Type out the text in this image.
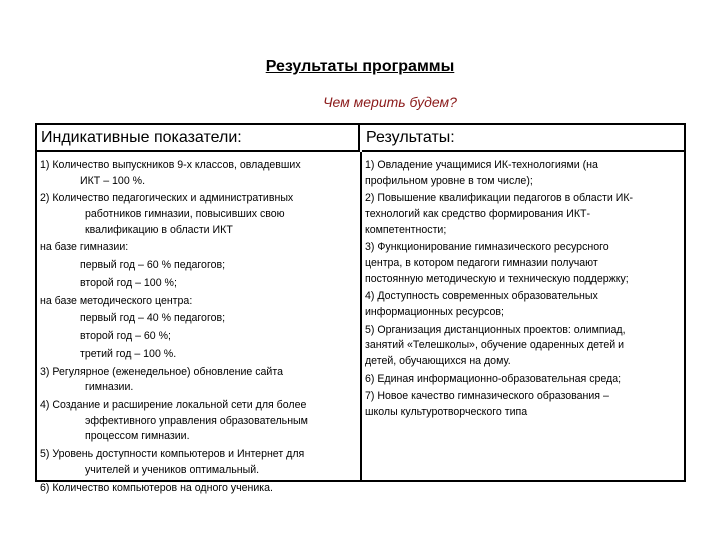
Результаты программы
Чем мерить будем?
Индикативные показатели:	Результаты:
1) Количество выпускников 9-х классов, овладевших
ИКТ – 100 %.
2) Количество педагогических и административных
работников гимназии, повысивших свою
квалификацию в области ИКТ
на базе гимназии:
первый год – 60 % педагогов;
второй год – 100 %;
на базе методического центра:
первый год – 40 % педагогов;
второй год – 60 %;
третий год – 100 %.
3) Регулярное (еженедельное) обновление сайта
гимназии.
4) Создание и расширение локальной сети для более
эффективного управления образовательным
процессом гимназии.
5) Уровень доступности компьютеров и Интернет для
учителей и учеников оптимальный.
6) Количество компьютеров на одного ученика.
1) Овладение учащимися ИК-технологиями (на
профильном уровне в том числе);
2) Повышение квалификации педагогов в области ИК-
технологий как средство формирования ИКТ-
компетентности;
3) Функционирование гимназического ресурсного
центра, в котором педагоги гимназии получают
постоянную методическую и техническую поддержку;
4) Доступность современных образовательных
информационных ресурсов;
5) Организация дистанционных проектов: олимпиад,
занятий «Телешколы», обучение одаренных детей и
детей, обучающихся на дому.
6) Единая информационно-образовательная среда;
7) Новое качество гимназического образования –
школы культуротворческого типа
